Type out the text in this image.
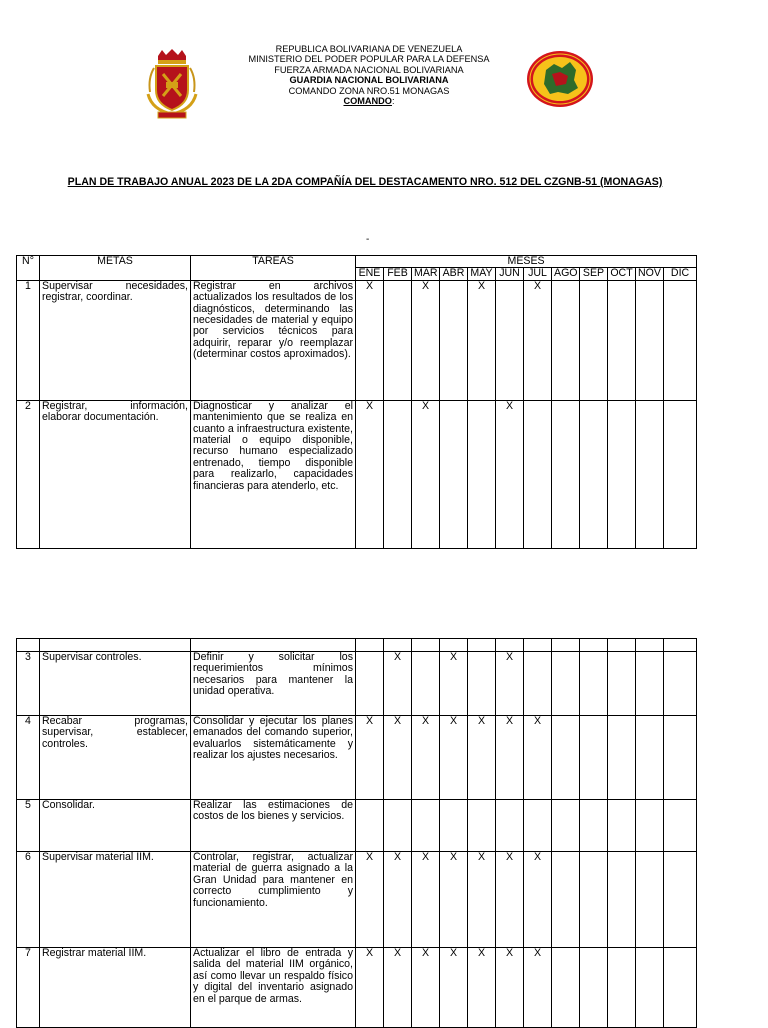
REPUBLICA BOLIVARIANA DE VENEZUELA
MINISTERIO DEL PODER POPULAR PARA LA DEFENSA
FUERZA ARMADA NACIONAL BOLIVARIANA
GUARDIA NACIONAL BOLIVARIANA
COMANDO ZONA NRO.51 MONAGAS
COMANDO:
PLAN DE TRABAJO ANUAL 2023 DE LA 2DA COMPAÑÍA DEL DESTACAMENTO NRO. 512 DEL CZGNB-51 (MONAGAS)
-
N°	METAS	TAREAS	MESES											
			ENE	FEB	MAR	ABR	MAY	JUN	JUL	AGO	SEP	OCT	NOV	DIC
1	Supervisar necesidades, registrar, coordinar.	Registrar en archivos actualizados los resultados de los diagnósticos, determinando las necesidades de material y equipo por servicios técnicos para adquirir, reparar y/o reemplazar (determinar costos aproximados).	X		X		X		X					
2	Registrar, información, elaborar documentación.	Diagnosticar y analizar el mantenimiento que se realiza en cuanto a infraestructura existente, material o equipo disponible, recurso humano especializado entrenado, tiempo disponible para realizarlo, capacidades financieras para atenderlo, etc.	X		X			X						

3	Supervisar controles.	Definir y solicitar los requerimientos mínimos necesarios para mantener la unidad operativa.		X		X		X						
4	Recabar programas, supervisar, establecer, controles.	Consolidar y ejecutar los planes emanados del comando superior, evaluarlos sistemáticamente y realizar los ajustes necesarios.	X	X	X	X	X	X	X					
5	Consolidar.	Realizar las estimaciones de costos de los bienes y servicios.												
6	Supervisar material IIM.	Controlar, registrar, actualizar material de guerra asignado a la Gran Unidad para mantener en correcto cumplimiento y funcionamiento.	X	X	X	X	X	X	X					
7	Registrar material IIM.	Actualizar el libro de entrada y salida del material IIM orgánico, así como llevar un respaldo físico y digital del inventario asignado en el parque de armas.	X	X	X	X	X	X	X					
